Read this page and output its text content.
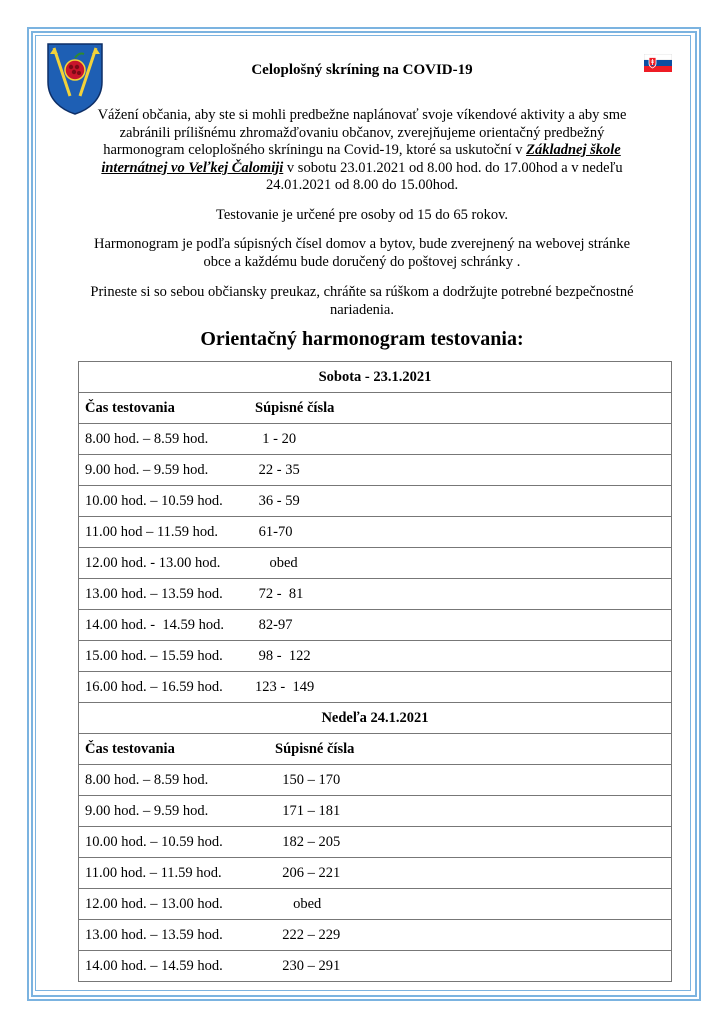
Celoplošný skríning na COVID-19

Vážení občania, aby ste si mohli predbežne naplánovať svoje víkendové aktivity a aby sme zabránili prílišnému zhromažďovaniu občanov, zverejňujeme orientačný predbežný harmonogram celoplošného skríningu na Covid-19, ktoré sa uskutoční v Základnej škole internátnej vo Veľkej Čalomiji v sobotu 23.01.2021 od 8.00 hod. do 17.00hod a v nedeľu 24.01.2021 od 8.00 do 15.00hod.

Testovanie je určené pre osoby od 15 do 65 rokov.

Harmonogram je podľa súpisných čísel domov a bytov, bude zverejnený na webovej stránke obce a každému bude doručený do poštovej schránky .

Prineste si so sebou občiansky preukaz, chráňte sa rúškom a dodržujte potrebné bezpečnostné nariadenia.

Orientačný harmonogram testovania:
Sobota - 23.1.2021
Čas testovania	Súpisné čísla
8.00 hod. – 8.59 hod.	1 - 20
9.00 hod. – 9.59 hod.	22 - 35
10.00 hod. – 10.59 hod. 36 - 59
11.00 hod – 11.59 hod.	61-70
12.00 hod. - 13.00 hod.    obed
13.00 hod. – 13.59 hod. 72 -  81
14.00 hod. -  14.59 hod. 82-97
15.00 hod. – 15.59 hod. 98 -  122
16.00 hod. – 16.59 hod. 123 -  149
Nedeľa 24.1.2021
Čas testovania	Súpisné čísla
8.00 hod. – 8.59 hod.	150 – 170
9.00 hod. – 9.59 hod.	171 – 181
10.00 hod. – 10.59 hod.	182 – 205
11.00 hod. – 11.59 hod.	206 – 221
12.00 hod. – 13.00 hod.	obed
13.00 hod. – 13.59 hod.	222 – 229
14.00 hod. – 14.59 hod.	230 – 291
